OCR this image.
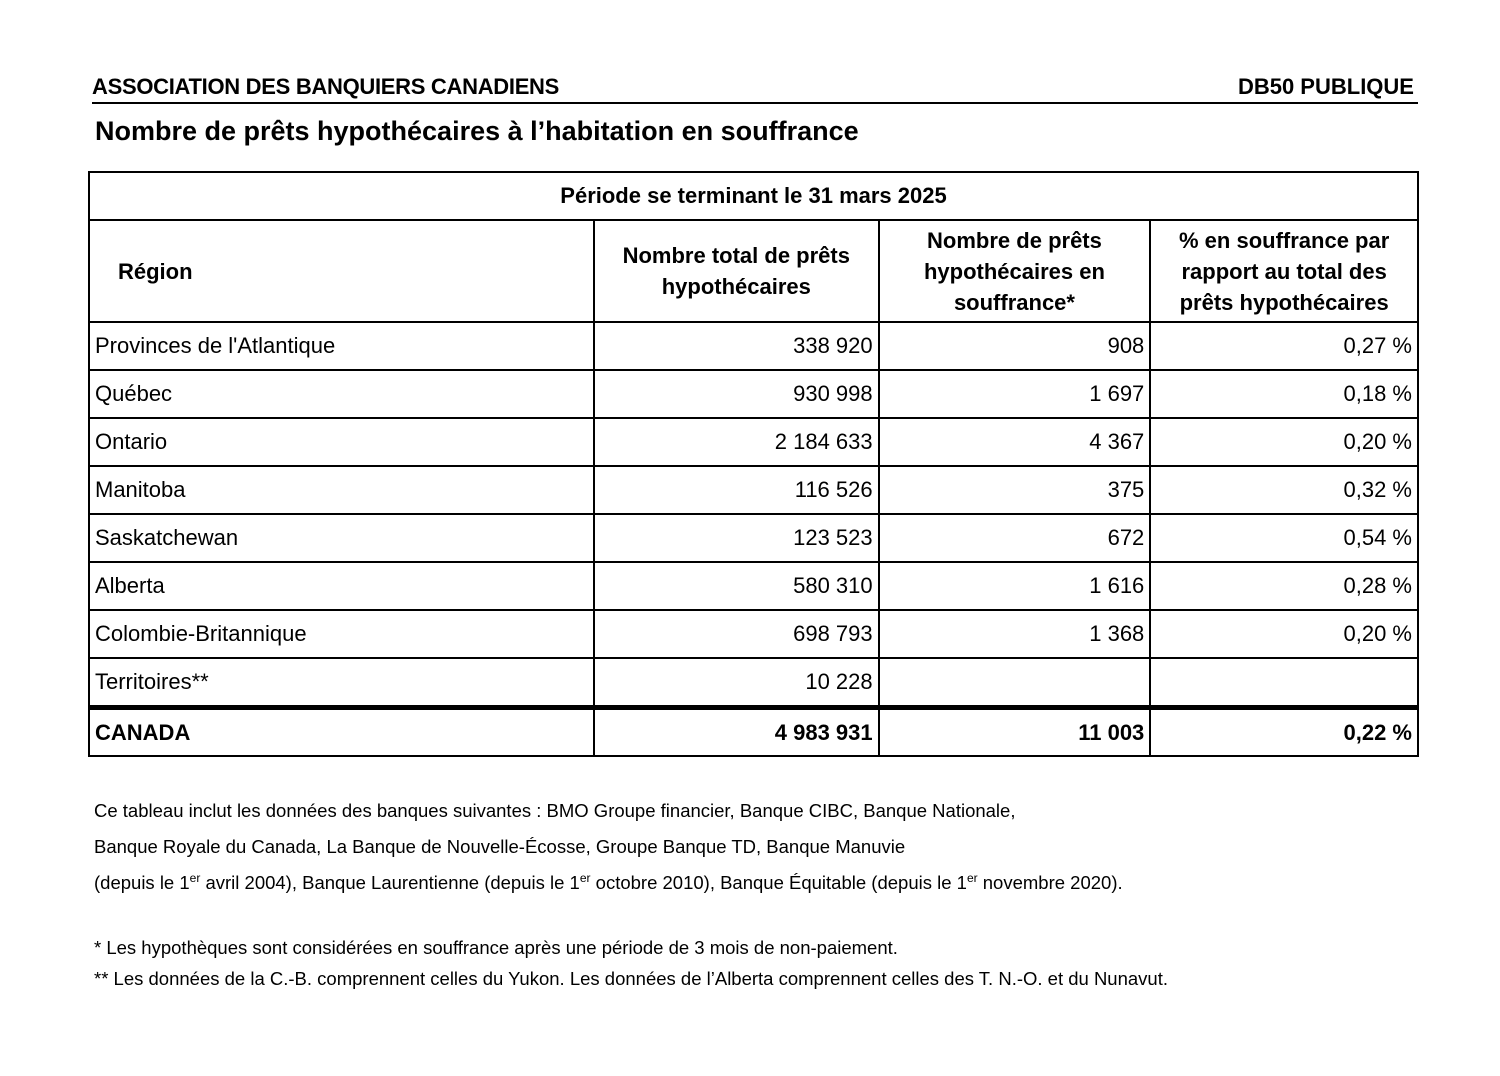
ASSOCIATION DES BANQUIERS CANADIENS	DB50 PUBLIQUE
Nombre de prêts hypothécaires à l’habitation en souffrance
Période se terminant le 31 mars 2025			
Région	Nombre total de prêts hypothécaires	Nombre de prêts hypothécaires en souffrance*	% en souffrance par rapport au total des prêts hypothécaires
Provinces de l'Atlantique	338 920	908	0,27 %
Québec	930 998	1 697	0,18 %
Ontario	2 184 633	4 367	0,20 %
Manitoba	116 526	375	0,32 %
Saskatchewan	123 523	672	0,54 %
Alberta	580 310	1 616	0,28 %
Colombie-Britannique	698 793	1 368	0,20 %
Territoires**	10 228		
CANADA	4 983 931	11 003	0,22 %
Ce tableau inclut les données des banques suivantes : BMO Groupe financier, Banque CIBC, Banque Nationale,
Banque Royale du Canada, La Banque de Nouvelle-Écosse, Groupe Banque TD, Banque Manuvie
(depuis le 1er avril 2004), Banque Laurentienne (depuis le 1er octobre 2010), Banque Équitable (depuis le 1er novembre 2020).
* Les hypothèques sont considérées en souffrance après une période de 3 mois de non-paiement.
** Les données de la C.-B. comprennent celles du Yukon. Les données de l’Alberta comprennent celles des T. N.-O. et du Nunavut.
